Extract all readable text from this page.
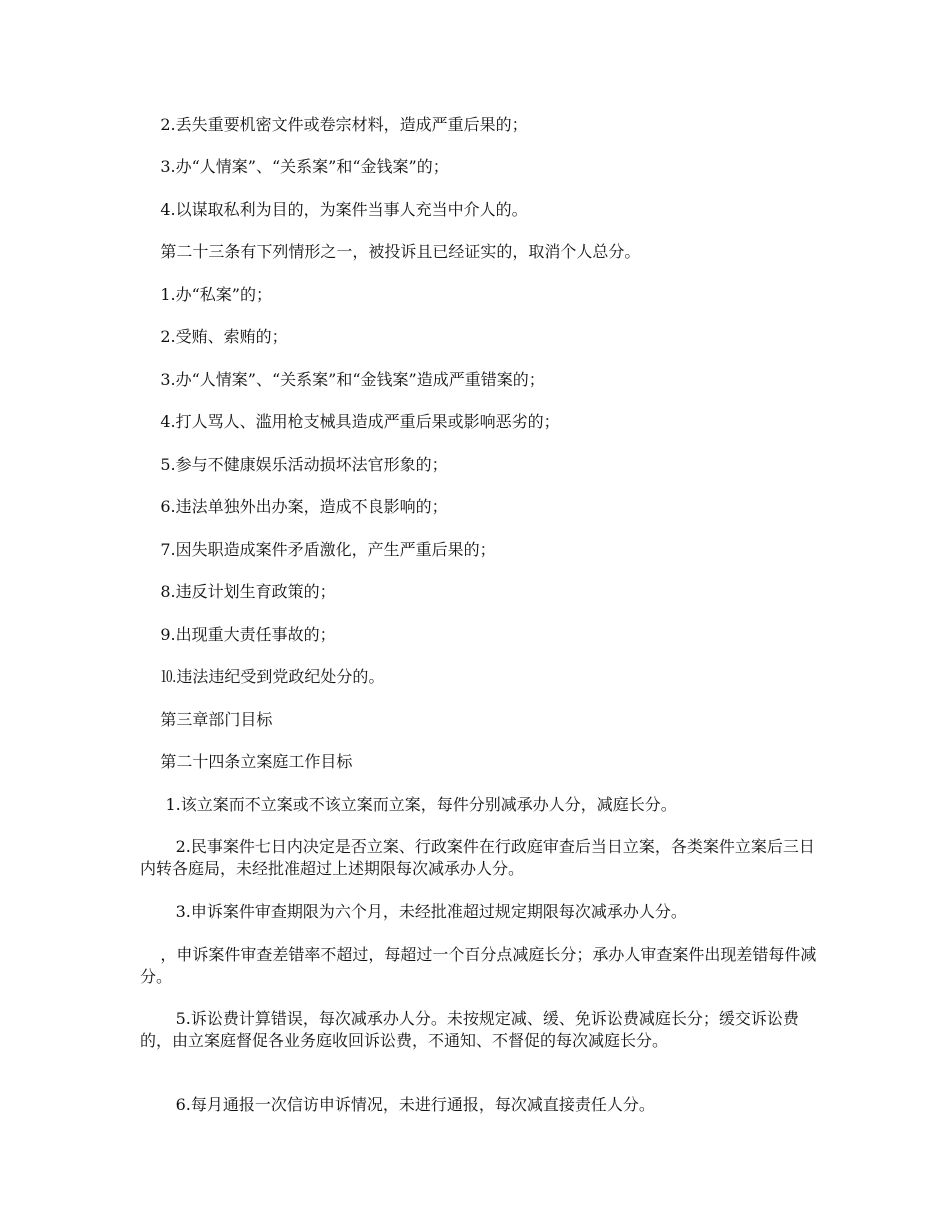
2.丢失重要机密文件或卷宗材料，造成严重后果的；

3.办“人情案”、“关系案”和“金钱案”的；

4.以谋取私利为目的，为案件当事人充当中介人的。

第二十三条有下列情形之一，被投诉且已经证实的，取消个人总分。

1.办“私案”的；

2.受贿、索贿的；

3.办“人情案”、“关系案”和“金钱案”造成严重错案的；

4.打人骂人、滥用枪支械具造成严重后果或影响恶劣的；

5.参与不健康娱乐活动损坏法官形象的；

6.违法单独外出办案，造成不良影响的；

7.因失职造成案件矛盾激化，产生严重后果的；

8.违反计划生育政策的；

9.出现重大责任事故的；

⒑违法违纪受到党政纪处分的。

第三章部门目标

第二十四条立案庭工作目标

1.该立案而不立案或不该立案而立案，每件分别减承办人分，减庭长分。

2.民事案件七日内决定是否立案、行政案件在行政庭审查后当日立案，各类案件立案后三日内转各庭局，未经批准超过上述期限每次减承办人分。

3.申诉案件审查期限为六个月，未经批准超过规定期限每次减承办人分。

，申诉案件审查差错率不超过，每超过一个百分点减庭长分；承办人审查案件出现差错每件减分。

5.诉讼费计算错误，每次减承办人分。未按规定减、缓、免诉讼费减庭长分；缓交诉讼费的，由立案庭督促各业务庭收回诉讼费，不通知、不督促的每次减庭长分。

6.每月通报一次信访申诉情况，未进行通报，每次减直接责任人分。
